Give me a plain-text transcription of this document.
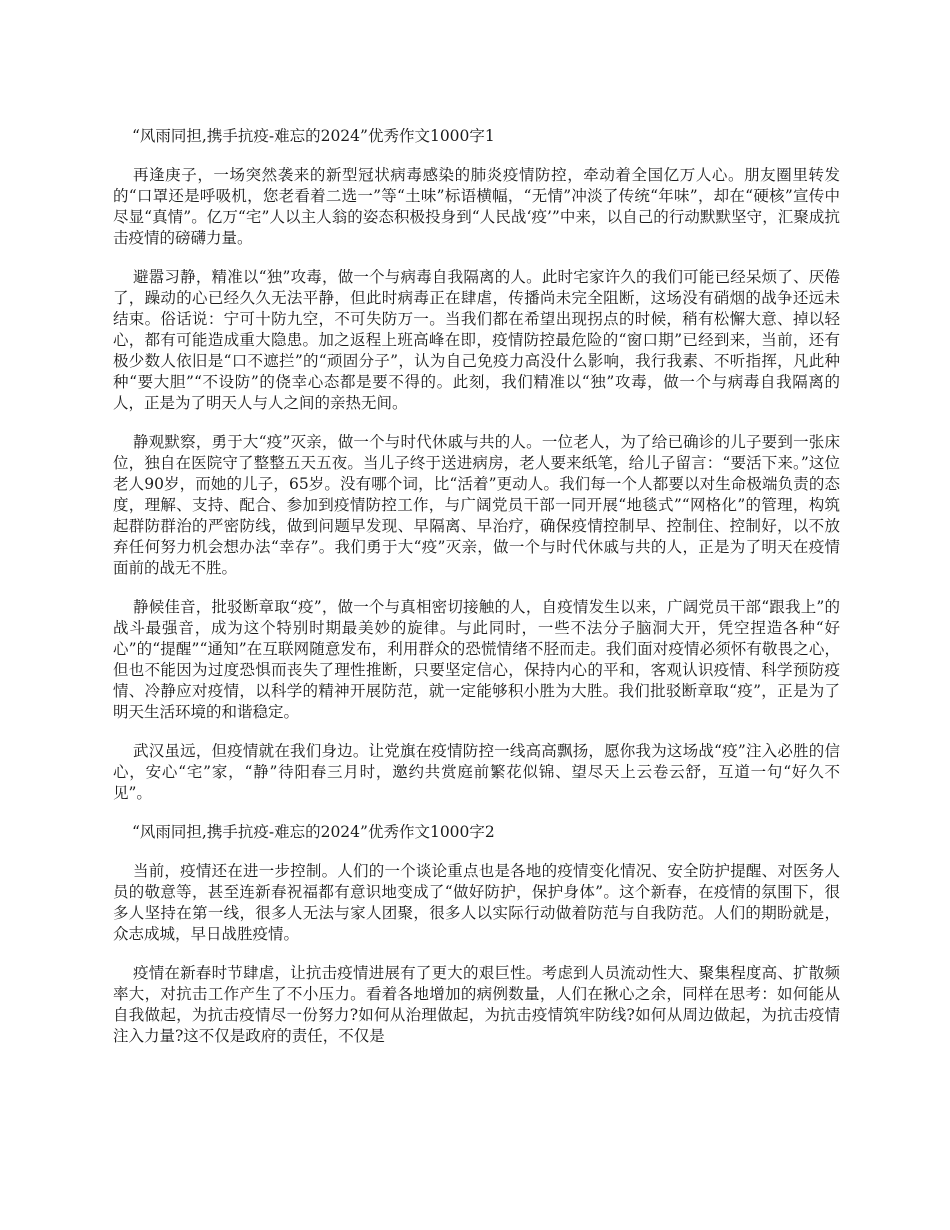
“风雨同担,携手抗疫-难忘的2024”优秀作文1000字1

再逢庚子，一场突然袭来的新型冠状病毒感染的肺炎疫情防控，牵动着全国亿万人心。朋友圈里转发的“口罩还是呼吸机，您老看着二选一”等“土味”标语横幅，“无情”冲淡了传统“年味”，却在“硬核”宣传中尽显“真情”。亿万“宅”人以主人翁的姿态积极投身到“人民战‘疫’”中来，以自己的行动默默坚守，汇聚成抗击疫情的磅礴力量。

避嚣习静，精准以“独”攻毒，做一个与病毒自我隔离的人。此时宅家许久的我们可能已经呆烦了、厌倦了，躁动的心已经久久无法平静，但此时病毒正在肆虐，传播尚未完全阻断，这场没有硝烟的战争还远未结束。俗话说：宁可十防九空，不可失防万一。当我们都在希望出现拐点的时候，稍有松懈大意、掉以轻心，都有可能造成重大隐患。加之返程上班高峰在即，疫情防控最危险的“窗口期”已经到来，当前，还有极少数人依旧是“口不遮拦”的“顽固分子”，认为自己免疫力高没什么影响，我行我素、不听指挥，凡此种种“要大胆”“不设防”的侥幸心态都是要不得的。此刻，我们精准以“独”攻毒，做一个与病毒自我隔离的人，正是为了明天人与人之间的亲热无间。

静观默察，勇于大“疫”灭亲，做一个与时代休戚与共的人。一位老人，为了给已确诊的儿子要到一张床位，独自在医院守了整整五天五夜。当儿子终于送进病房，老人要来纸笔，给儿子留言：“要活下来。”这位老人90岁，而她的儿子，65岁。没有哪个词，比“活着”更动人。我们每一个人都要以对生命极端负责的态度，理解、支持、配合、参加到疫情防控工作，与广阔党员干部一同开展“地毯式”“网格化”的管理，构筑起群防群治的严密防线，做到问题早发现、早隔离、早治疗，确保疫情控制早、控制住、控制好，以不放弃任何努力机会想办法“幸存”。我们勇于大“疫”灭亲，做一个与时代休戚与共的人，正是为了明天在疫情面前的战无不胜。

静候佳音，批驳断章取“疫”，做一个与真相密切接触的人，自疫情发生以来，广阔党员干部“跟我上”的战斗最强音，成为这个特别时期最美妙的旋律。与此同时，一些不法分子脑洞大开，凭空捏造各种“好心”的“提醒”“通知”在互联网随意发布，利用群众的恐慌情绪不胫而走。我们面对疫情必须怀有敬畏之心，但也不能因为过度恐惧而丧失了理性推断，只要坚定信心，保持内心的平和，客观认识疫情、科学预防疫情、冷静应对疫情，以科学的精神开展防范，就一定能够积小胜为大胜。我们批驳断章取“疫”，正是为了明天生活环境的和谐稳定。

武汉虽远，但疫情就在我们身边。让党旗在疫情防控一线高高飘扬，愿你我为这场战“疫”注入必胜的信心，安心“宅”家，“静”待阳春三月时，邀约共赏庭前繁花似锦、望尽天上云卷云舒，互道一句“好久不见”。

“风雨同担,携手抗疫-难忘的2024”优秀作文1000字2

当前，疫情还在进一步控制。人们的一个谈论重点也是各地的疫情变化情况、安全防护提醒、对医务人员的敬意等，甚至连新春祝福都有意识地变成了“做好防护，保护身体”。这个新春，在疫情的氛围下，很多人坚持在第一线，很多人无法与家人团聚，很多人以实际行动做着防范与自我防范。人们的期盼就是，众志成城，早日战胜疫情。

疫情在新春时节肆虐，让抗击疫情进展有了更大的艰巨性。考虑到人员流动性大、聚集程度高、扩散频率大，对抗击工作产生了不小压力。看着各地增加的病例数量，人们在揪心之余，同样在思考：如何能从自我做起，为抗击疫情尽一份努力?如何从治理做起，为抗击疫情筑牢防线?如何从周边做起，为抗击疫情注入力量?这不仅是政府的责任，不仅是
